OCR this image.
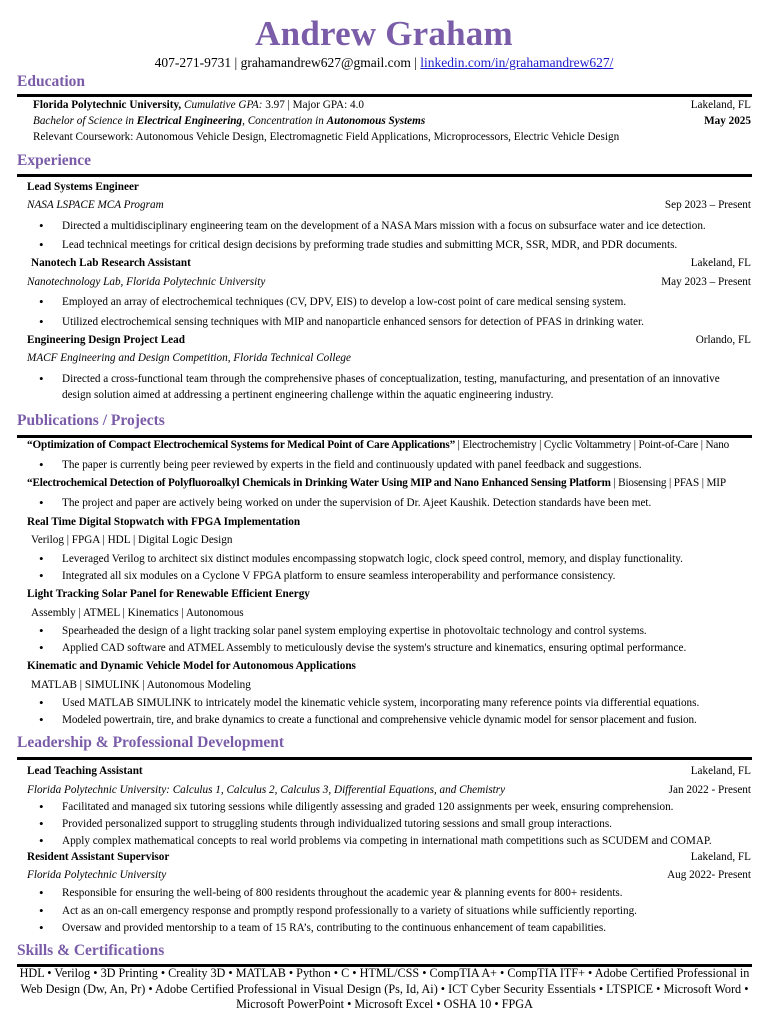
Andrew Graham
407-271-9731 | grahamandrew627@gmail.com | linkedin.com/in/grahamandrew627/
Education
Florida Polytechnic University, Cumulative GPA: 3.97 | Major GPA: 4.0	Lakeland, FL
Bachelor of Science in Electrical Engineering, Concentration in Autonomous Systems	May 2025
Relevant Coursework: Autonomous Vehicle Design, Electromagnetic Field Applications, Microprocessors, Electric Vehicle Design
Experience
Lead Systems Engineer
NASA LSPACE MCA Program	Sep 2023 – Present
• Directed a multidisciplinary engineering team on the development of a NASA Mars mission with a focus on subsurface water and ice detection.
• Lead technical meetings for critical design decisions by preforming trade studies and submitting MCR, SSR, MDR, and PDR documents.
Nanotech Lab Research Assistant	Lakeland, FL
Nanotechnology Lab, Florida Polytechnic University	May 2023 – Present
• Employed an array of electrochemical techniques (CV, DPV, EIS) to develop a low-cost point of care medical sensing system.
• Utilized electrochemical sensing techniques with MIP and nanoparticle enhanced sensors for detection of PFAS in drinking water.
Engineering Design Project Lead	Orlando, FL
MACF Engineering and Design Competition, Florida Technical College
• Directed a cross-functional team through the comprehensive phases of conceptualization, testing, manufacturing, and presentation of an innovative design solution aimed at addressing a pertinent engineering challenge within the aquatic engineering industry.
Publications / Projects
“Optimization of Compact Electrochemical Systems for Medical Point of Care Applications” | Electrochemistry | Cyclic Voltammetry | Point-of-Care | Nano
• The paper is currently being peer reviewed by experts in the field and continuously updated with panel feedback and suggestions.
“Electrochemical Detection of Polyfluoroalkyl Chemicals in Drinking Water Using MIP and Nano Enhanced Sensing Platform | Biosensing | PFAS | MIP
• The project and paper are actively being worked on under the supervision of Dr. Ajeet Kaushik. Detection standards have been met.
Real Time Digital Stopwatch with FPGA Implementation
Verilog | FPGA | HDL | Digital Logic Design
• Leveraged Verilog to architect six distinct modules encompassing stopwatch logic, clock speed control, memory, and display functionality.
• Integrated all six modules on a Cyclone V FPGA platform to ensure seamless interoperability and performance consistency.
Light Tracking Solar Panel for Renewable Efficient Energy
Assembly | ATMEL | Kinematics | Autonomous
• Spearheaded the design of a light tracking solar panel system employing expertise in photovoltaic technology and control systems.
• Applied CAD software and ATMEL Assembly to meticulously devise the system's structure and kinematics, ensuring optimal performance.
Kinematic and Dynamic Vehicle Model for Autonomous Applications
MATLAB | SIMULINK | Autonomous Modeling
• Used MATLAB SIMULINK to intricately model the kinematic vehicle system, incorporating many reference points via differential equations.
• Modeled powertrain, tire, and brake dynamics to create a functional and comprehensive vehicle dynamic model for sensor placement and fusion.
Leadership & Professional Development
Lead Teaching Assistant	Lakeland, FL
Florida Polytechnic University: Calculus 1, Calculus 2, Calculus 3, Differential Equations, and Chemistry	Jan 2022 - Present
• Facilitated and managed six tutoring sessions while diligently assessing and graded 120 assignments per week, ensuring comprehension.
• Provided personalized support to struggling students through individualized tutoring sessions and small group interactions.
• Apply complex mathematical concepts to real world problems via competing in international math competitions such as SCUDEM and COMAP.
Resident Assistant Supervisor	Lakeland, FL
Florida Polytechnic University	Aug 2022- Present
• Responsible for ensuring the well-being of 800 residents throughout the academic year & planning events for 800+ residents.
• Act as an on-call emergency response and promptly respond professionally to a variety of situations while sufficiently reporting.
• Oversaw and provided mentorship to a team of 15 RA’s, contributing to the continuous enhancement of team capabilities.
Skills & Certifications
HDL • Verilog • 3D Printing • Creality 3D • MATLAB • Python • C • HTML/CSS • CompTIA A+ • CompTIA ITF+ • Adobe Certified Professional in Web Design (Dw, An, Pr) • Adobe Certified Professional in Visual Design (Ps, Id, Ai) • ICT Cyber Security Essentials • LTSPICE • Microsoft Word • Microsoft PowerPoint • Microsoft Excel • OSHA 10 • FPGA
